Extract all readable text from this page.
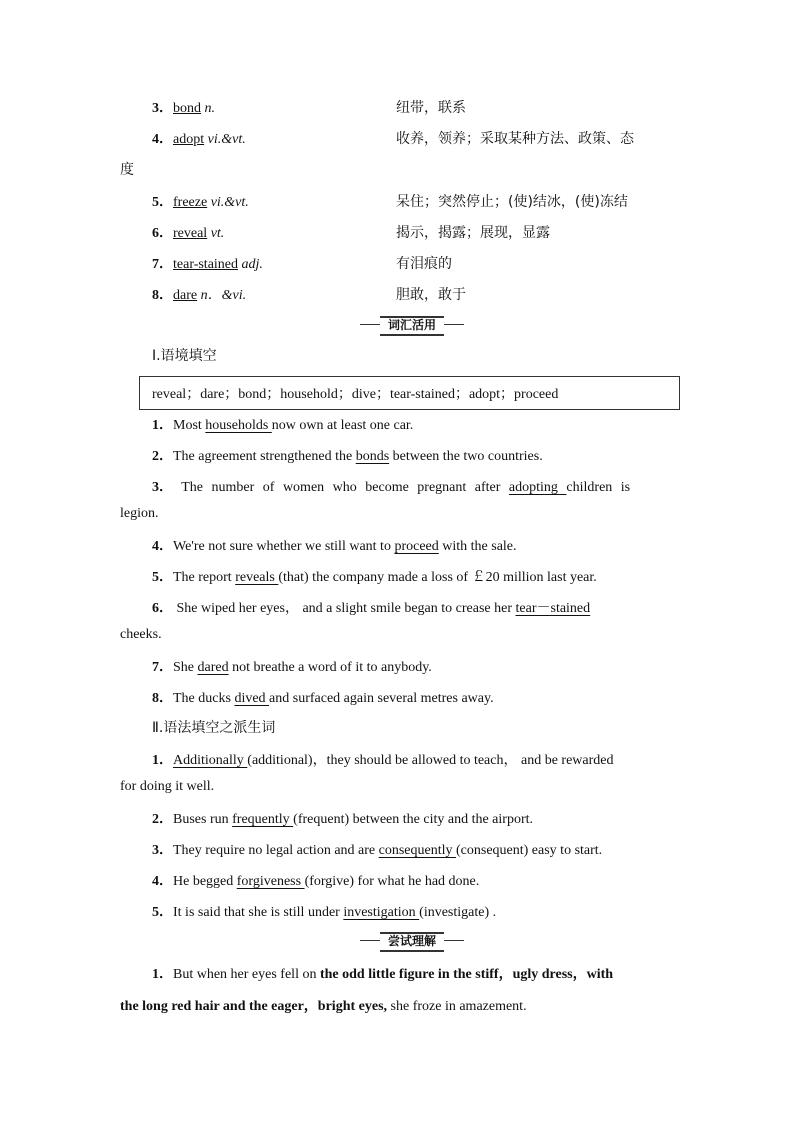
3．bond n.	纽带，联系
4．adopt vi.&vt.	收养，领养；采取某种方法、政策、态
度
5．freeze vi.&vt.	呆住；突然停止；(使)结冰，(使)冻结
6．reveal vt.	揭示，揭露；展现，显露
7．tear-stained adj.	有泪痕的
8．dare n．&vi.	胆敢，敢于
词汇活用
Ⅰ.语境填空
reveal；dare；bond；household；dive；tear-stained；adopt；proceed
1．Most households now own at least one car.
2．The agreement strengthened the bonds between the two countries.
3． The number of women who become pregnant after adopting children is
legion.
4．We're not sure whether we still want to proceed with the sale.
5．The report reveals (that) the company made a loss of ￡20 million last year.
6． She wiped her eyes， and a slight smile began to crease her tear－stained
cheeks.
7．She dared not breathe a word of it to anybody.
8．The ducks dived and surfaced again several metres away.
Ⅱ.语法填空之派生词
1．Additionally (additional)，they should be allowed to teach， and be rewarded
for doing it well.
2．Buses run frequently (frequent) between the city and the airport.
3．They require no legal action and are consequently (consequent) easy to start.
4．He begged forgiveness (forgive) for what he had done.
5．It is said that she is still under investigation (investigate) .
尝试理解
1．But when her eyes fell on the odd little figure in the stiff，ugly dress，with
the long red hair and the eager，bright eyes, she froze in amazement.
